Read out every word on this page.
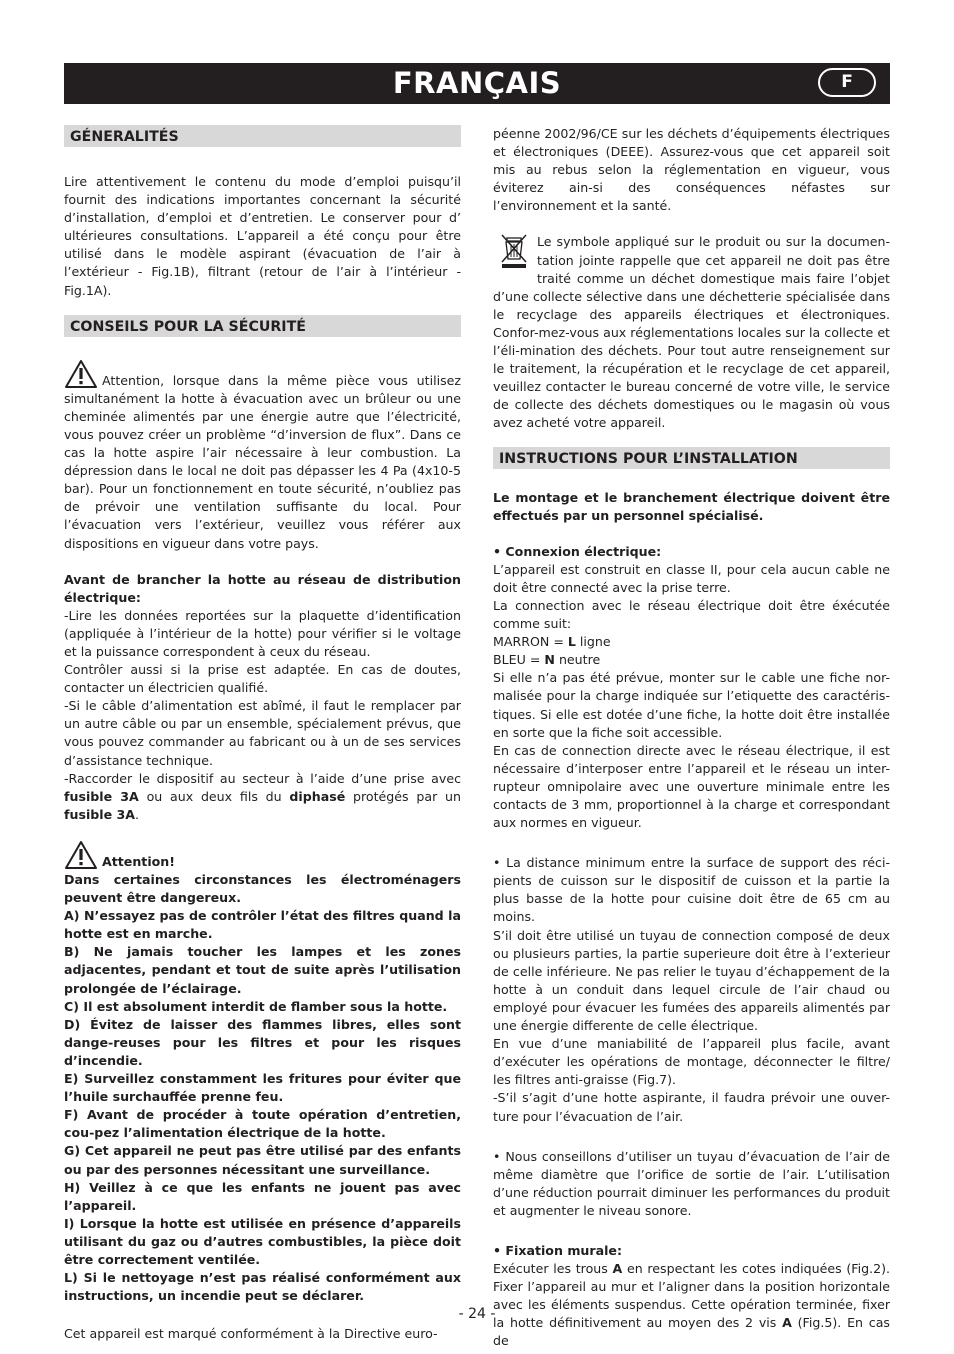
FRANÇAIS	F
GÉNERALITÉS

Lire attentivement le contenu du mode d’emploi puisqu’il fournit des indications importantes concernant la sécurité d’installation, d’emploi et d’entretien. Le conserver pour d’ ultérieures consultations. L’appareil a été conçu pour être utilisé dans le modèle aspirant (évacuation de l’air à l’extérieur - Fig.1B), filtrant (retour de l’air à l’intérieur - Fig.1A).

CONSEILS POUR LA SÉCURITÉ

Attention, lorsque dans la même pièce vous utilisez simultanément la hotte à évacuation avec un brûleur ou une cheminée alimentés par une énergie autre que l’électricité, vous pouvez créer un problème “d’inversion de flux”. Dans ce cas la hotte aspire l’air nécessaire à leur combustion. La dépression dans le local ne doit pas dépasser les 4 Pa (4x10-5 bar). Pour un fonctionnement en toute sécurité, n’oubliez pas de prévoir une ventilation suffisante du local. Pour l’évacuation vers l’extérieur, veuillez vous référer aux dispositions en vigueur dans votre pays.

Avant de brancher la hotte au réseau de distribution électrique:

-Lire les données reportées sur la plaquette d’identification (appliquée à l’intérieur de la hotte) pour vérifier si le voltage et la puissance correspondent à ceux du réseau.

Contrôler aussi si la prise est adaptée. En cas de doutes, contacter un électricien qualifié.

-Si le câble d’alimentation est abîmé, il faut le remplacer par un autre câble ou par un ensemble, spécialement prévus, que vous pouvez commander au fabricant ou à un de ses services d’assistance technique.

-Raccorder le dispositif au secteur à l’aide d’une prise avec fusible 3A ou aux deux fils du diphasé protégés par un fusible 3A.

Attention!

Dans certaines circonstances les électroménagers peuvent être dangereux.

A) N’essayez pas de contrôler l’état des filtres quand la hotte est en marche.

B) Ne jamais toucher les lampes et les zones adjacentes, pendant et tout de suite après l’utilisation prolongée de l’éclairage.

C) Il est absolument interdit de flamber sous la hotte.

D) Évitez de laisser des flammes libres, elles sont dange-reuses pour les filtres et pour les risques d’incendie.

E) Surveillez constamment les fritures pour éviter que l’huile surchauffée prenne feu.

F) Avant de procéder à toute opération d’entretien, cou-pez l’alimentation électrique de la hotte.

G) Cet appareil ne peut pas être utilisé par des enfants ou par des personnes nécessitant une surveillance.

H) Veillez à ce que les enfants ne jouent pas avec l’appareil.

I) Lorsque la hotte est utilisée en présence d’appareils utilisant du gaz ou d’autres combustibles, la pièce doit être correctement ventilée.

L) Si le nettoyage n’est pas réalisé conformément aux instructions, un incendie peut se déclarer.

Cet appareil est marqué conformément à la Directive euro-

péenne 2002/96/CE sur les déchets d’équipements électriques et électroniques (DEEE). Assurez-vous que cet appareil soit mis au rebus selon la réglementation en vigueur, vous éviterez ain-si des conséquences néfastes sur l’environnement et la santé.

Le symbole appliqué sur le produit ou sur la documen-tation jointe rappelle que cet appareil ne doit pas être traité comme un déchet domestique mais faire l’objet d’une collecte sélective dans une déchetterie spécialisée dans le recyclage des appareils électriques et électroniques. Confor-mez-vous aux réglementations locales sur la collecte et l’éli-mination des déchets. Pour tout autre renseignement sur le traitement, la récupération et le recyclage de cet appareil, veuillez contacter le bureau concerné de votre ville, le service de collecte des déchets domestiques ou le magasin où vous avez acheté votre appareil.

INSTRUCTIONS POUR L’INSTALLATION

Le montage et le branchement électrique doivent être effectués par un personnel spécialisé.

• Connexion électrique:

L’appareil est construit en classe II, pour cela aucun cable ne doit être connecté avec la prise terre.

La connection avec le réseau électrique doit être éxécutée comme suit:

MARRON = L ligne

BLEU = N neutre

Si elle n’a pas été prévue, monter sur le cable une fiche nor-malisée pour la charge indiquée sur l’etiquette des caractéris-tiques. Si elle est dotée d’une fiche, la hotte doit être installée en sorte que la fiche soit accessible.

En cas de connection directe avec le réseau électrique, il est nécessaire d’interposer entre l’appareil et le réseau un inter-rupteur omnipolaire avec une ouverture minimale entre les contacts de 3 mm, proportionnel à la charge et correspondant aux normes en vigueur.

• La distance minimum entre la surface de support des réci-pients de cuisson sur le dispositif de cuisson et la partie la plus basse de la hotte pour cuisine doit être de 65 cm au moins.

S’il doit être utilisé un tuyau de connection composé de deux ou plusieurs parties, la partie superieure doit être à l’exterieur de celle inférieure. Ne pas relier le tuyau d’échappement de la hotte à un conduit dans lequel circule de l’air chaud ou employé pour évacuer les fumées des appareils alimentés par une énergie differente de celle électrique.

En vue d’une maniabilité de l’appareil plus facile, avant d’exécuter les opérations de montage, déconnecter le filtre/ les filtres anti-graisse (Fig.7).

-S’il s’agit d’une hotte aspirante, il faudra prévoir une ouver-ture pour l’évacuation de l’air.

• Nous conseillons d’utiliser un tuyau d’évacuation de l’air de même diamètre que l’orifice de sortie de l’air. L’utilisation d’une réduction pourrait diminuer les performances du produit et augmenter le niveau sonore.

• Fixation murale:

Exécuter les trous A en respectant les cotes indiquées (Fig.2). Fixer l’appareil au mur et l’aligner dans la position horizontale avec les éléments suspendus. Cette opération terminée, fixer la hotte définitivement au moyen des 2 vis A (Fig.5). En cas de

- 24 -
